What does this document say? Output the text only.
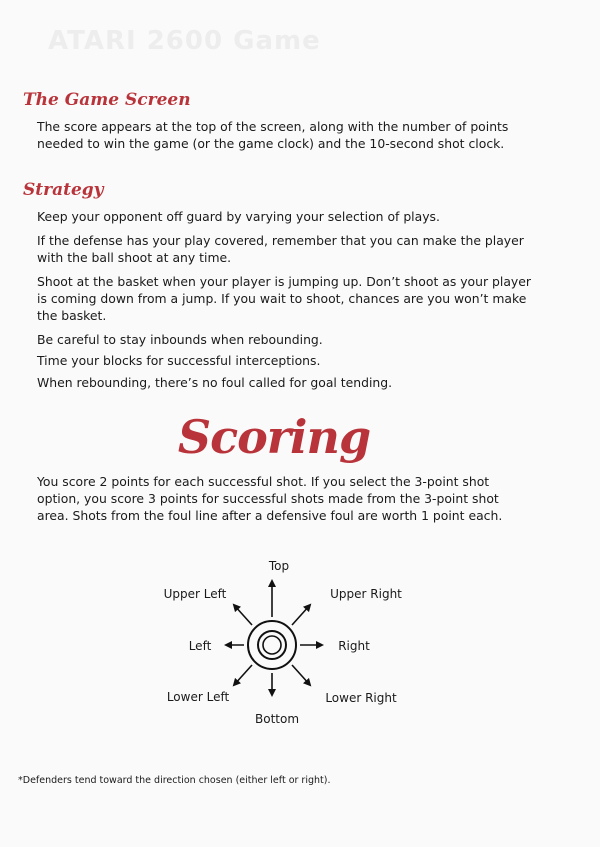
ATARI 2600 Game
The Game Screen

The score appears at the top of the screen, along with the number of points needed to win the game (or the game clock) and the 10-second shot clock.

Strategy

Keep your opponent off guard by varying your selection of plays.

If the defense has your play covered, remember that you can make the player with the ball shoot at any time.

Shoot at the basket when your player is jumping up. Don’t shoot as your player is coming down from a jump. If you wait to shoot, chances are you won’t make the basket.

Be careful to stay inbounds when rebounding.

Time your blocks for successful interceptions.

When rebounding, there’s no foul called for goal tending.

Scoring

You score 2 points for each successful shot. If you select the 3-point shot option, you score 3 points for successful shots made from the 3-point shot area. Shots from the foul line after a defensive foul are worth 1 point each.

Top
Upper Left	Upper Right
Left	Right
Lower Left	Lower Right
Bottom

*Defenders tend toward the direction chosen (either left or right).
